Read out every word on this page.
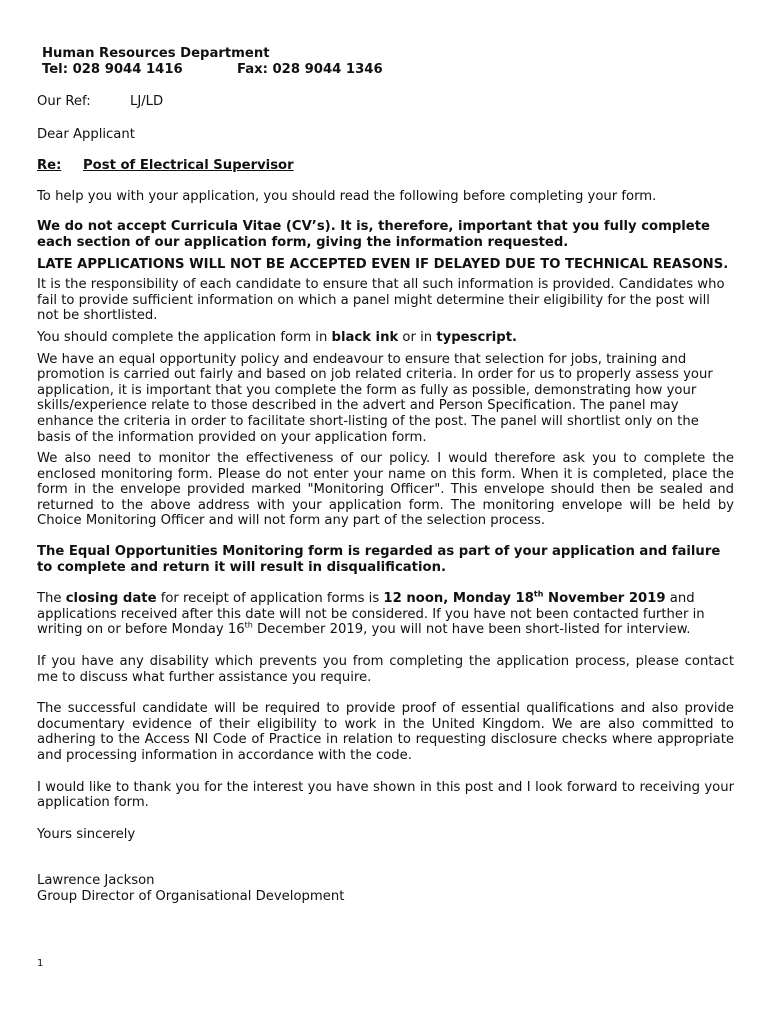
Human Resources Department
Tel: 028 9044 1416	Fax: 028 9044 1346
Our Ref:	LJ/LD

Dear Applicant

Re:	Post of Electrical Supervisor

To help you with your application, you should read the following before completing your form.

We do not accept Curricula Vitae (CV’s). It is, therefore, important that you fully complete each section of our application form, giving the information requested.

LATE APPLICATIONS WILL NOT BE ACCEPTED EVEN IF DELAYED DUE TO TECHNICAL REASONS.

It is the responsibility of each candidate to ensure that all such information is provided. Candidates who fail to provide sufficient information on which a panel might determine their eligibility for the post will not be shortlisted.

You should complete the application form in black ink or in typescript.

We have an equal opportunity policy and endeavour to ensure that selection for jobs, training and promotion is carried out fairly and based on job related criteria. In order for us to properly assess your application, it is important that you complete the form as fully as possible, demonstrating how your skills/experience relate to those described in the advert and Person Specification. The panel may enhance the criteria in order to facilitate short-listing of the post. The panel will shortlist only on the basis of the information provided on your application form.

We also need to monitor the effectiveness of our policy. I would therefore ask you to complete the enclosed monitoring form. Please do not enter your name on this form. When it is completed, place the form in the envelope provided marked "Monitoring Officer". This envelope should then be sealed and returned to the above address with your application form. The monitoring envelope will be held by Choice Monitoring Officer and will not form any part of the selection process.

The Equal Opportunities Monitoring form is regarded as part of your application and failure to complete and return it will result in disqualification.

The closing date for receipt of application forms is 12 noon, Monday 18th November 2019 and applications received after this date will not be considered. If you have not been contacted further in writing on or before Monday 16th December 2019, you will not have been short-listed for interview.

If you have any disability which prevents you from completing the application process, please contact me to discuss what further assistance you require.

The successful candidate will be required to provide proof of essential qualifications and also provide documentary evidence of their eligibility to work in the United Kingdom. We are also committed to adhering to the Access NI Code of Practice in relation to requesting disclosure checks where appropriate and processing information in accordance with the code.

I would like to thank you for the interest you have shown in this post and I look forward to receiving your application form.

Yours sincerely

Lawrence Jackson
Group Director of Organisational Development
1
